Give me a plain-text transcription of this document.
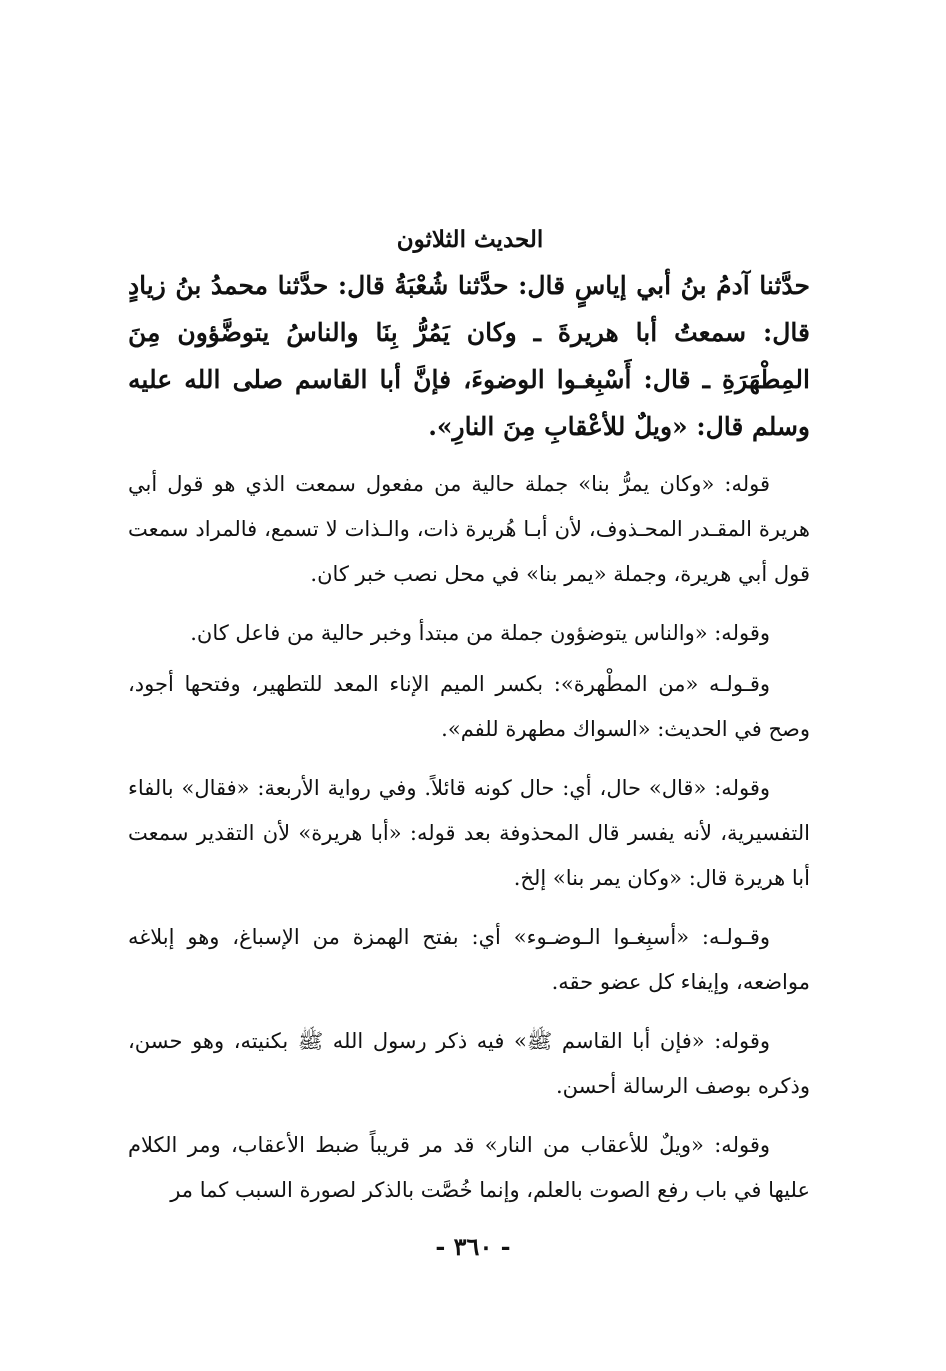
الحديث الثلاثون
حدَّثنا آدمُ بنُ أبي إياسٍ قال: حدَّثنا شُعْبَةُ قال: حدَّثنا محمدُ بنُ زيادٍ قال: سمعتُ أبا هريرةَ ـ وكان يَمُرُّ بِنَا والناسُ يتوضَّؤون مِنَ المِطْهَرَةِ ـ قال: أَسْبِغـوا الوضوءَ، فإنَّ أبا القاسم صلى الله عليه وسلم قال: «ويلٌ للأعْقابِ مِنَ النارِ».

قوله: «وكان يمرُّ بنا» جملة حالية من مفعول سمعت الذي هو قول أبي هريرة المقـدر المحـذوف، لأن أبـا هُريرة ذات، والـذات لا تسمع، فالمراد سمعت قول أبي هريرة، وجملة «يمر بنا» في محل نصب خبر كان.

وقوله: «والناس يتوضؤون جملة من مبتدأ وخبر حالية من فاعل كان.

وقـولـه «من المطْهرة»: بكسر الميم الإناء المعد للتطهير، وفتحها أجود، وصح في الحديث: «السواك مطهرة للفم».

وقوله: «قال» حال، أي: حال كونه قائلاً. وفي رواية الأربعة: «فقال» بالفاء التفسيرية، لأنه يفسر قال المحذوفة بعد قوله: «أبا هريرة» لأن التقدير سمعت أبا هريرة قال: «وكان يمر بنا» إلخ.

وقـولـه: «أسبِغـوا الـوضـوء» أي: بفتح الهمزة من الإسباغ، وهو إبلاغه مواضعه، وإيفاء كل عضو حقه.

وقوله: «فإن أبا القاسم ﷺ» فيه ذكر رسول الله ﷺ بكنيته، وهو حسن، وذكره بوصف الرسالة أحسن.

وقوله: «ويلٌ للأعقاب من النار» قد مر قريباً ضبط الأعقاب، ومر الكلام عليها في باب رفع الصوت بالعلم، وإنما خُصَّت بالذكر لصورة السبب كما مر

- ٣٦٠ -
